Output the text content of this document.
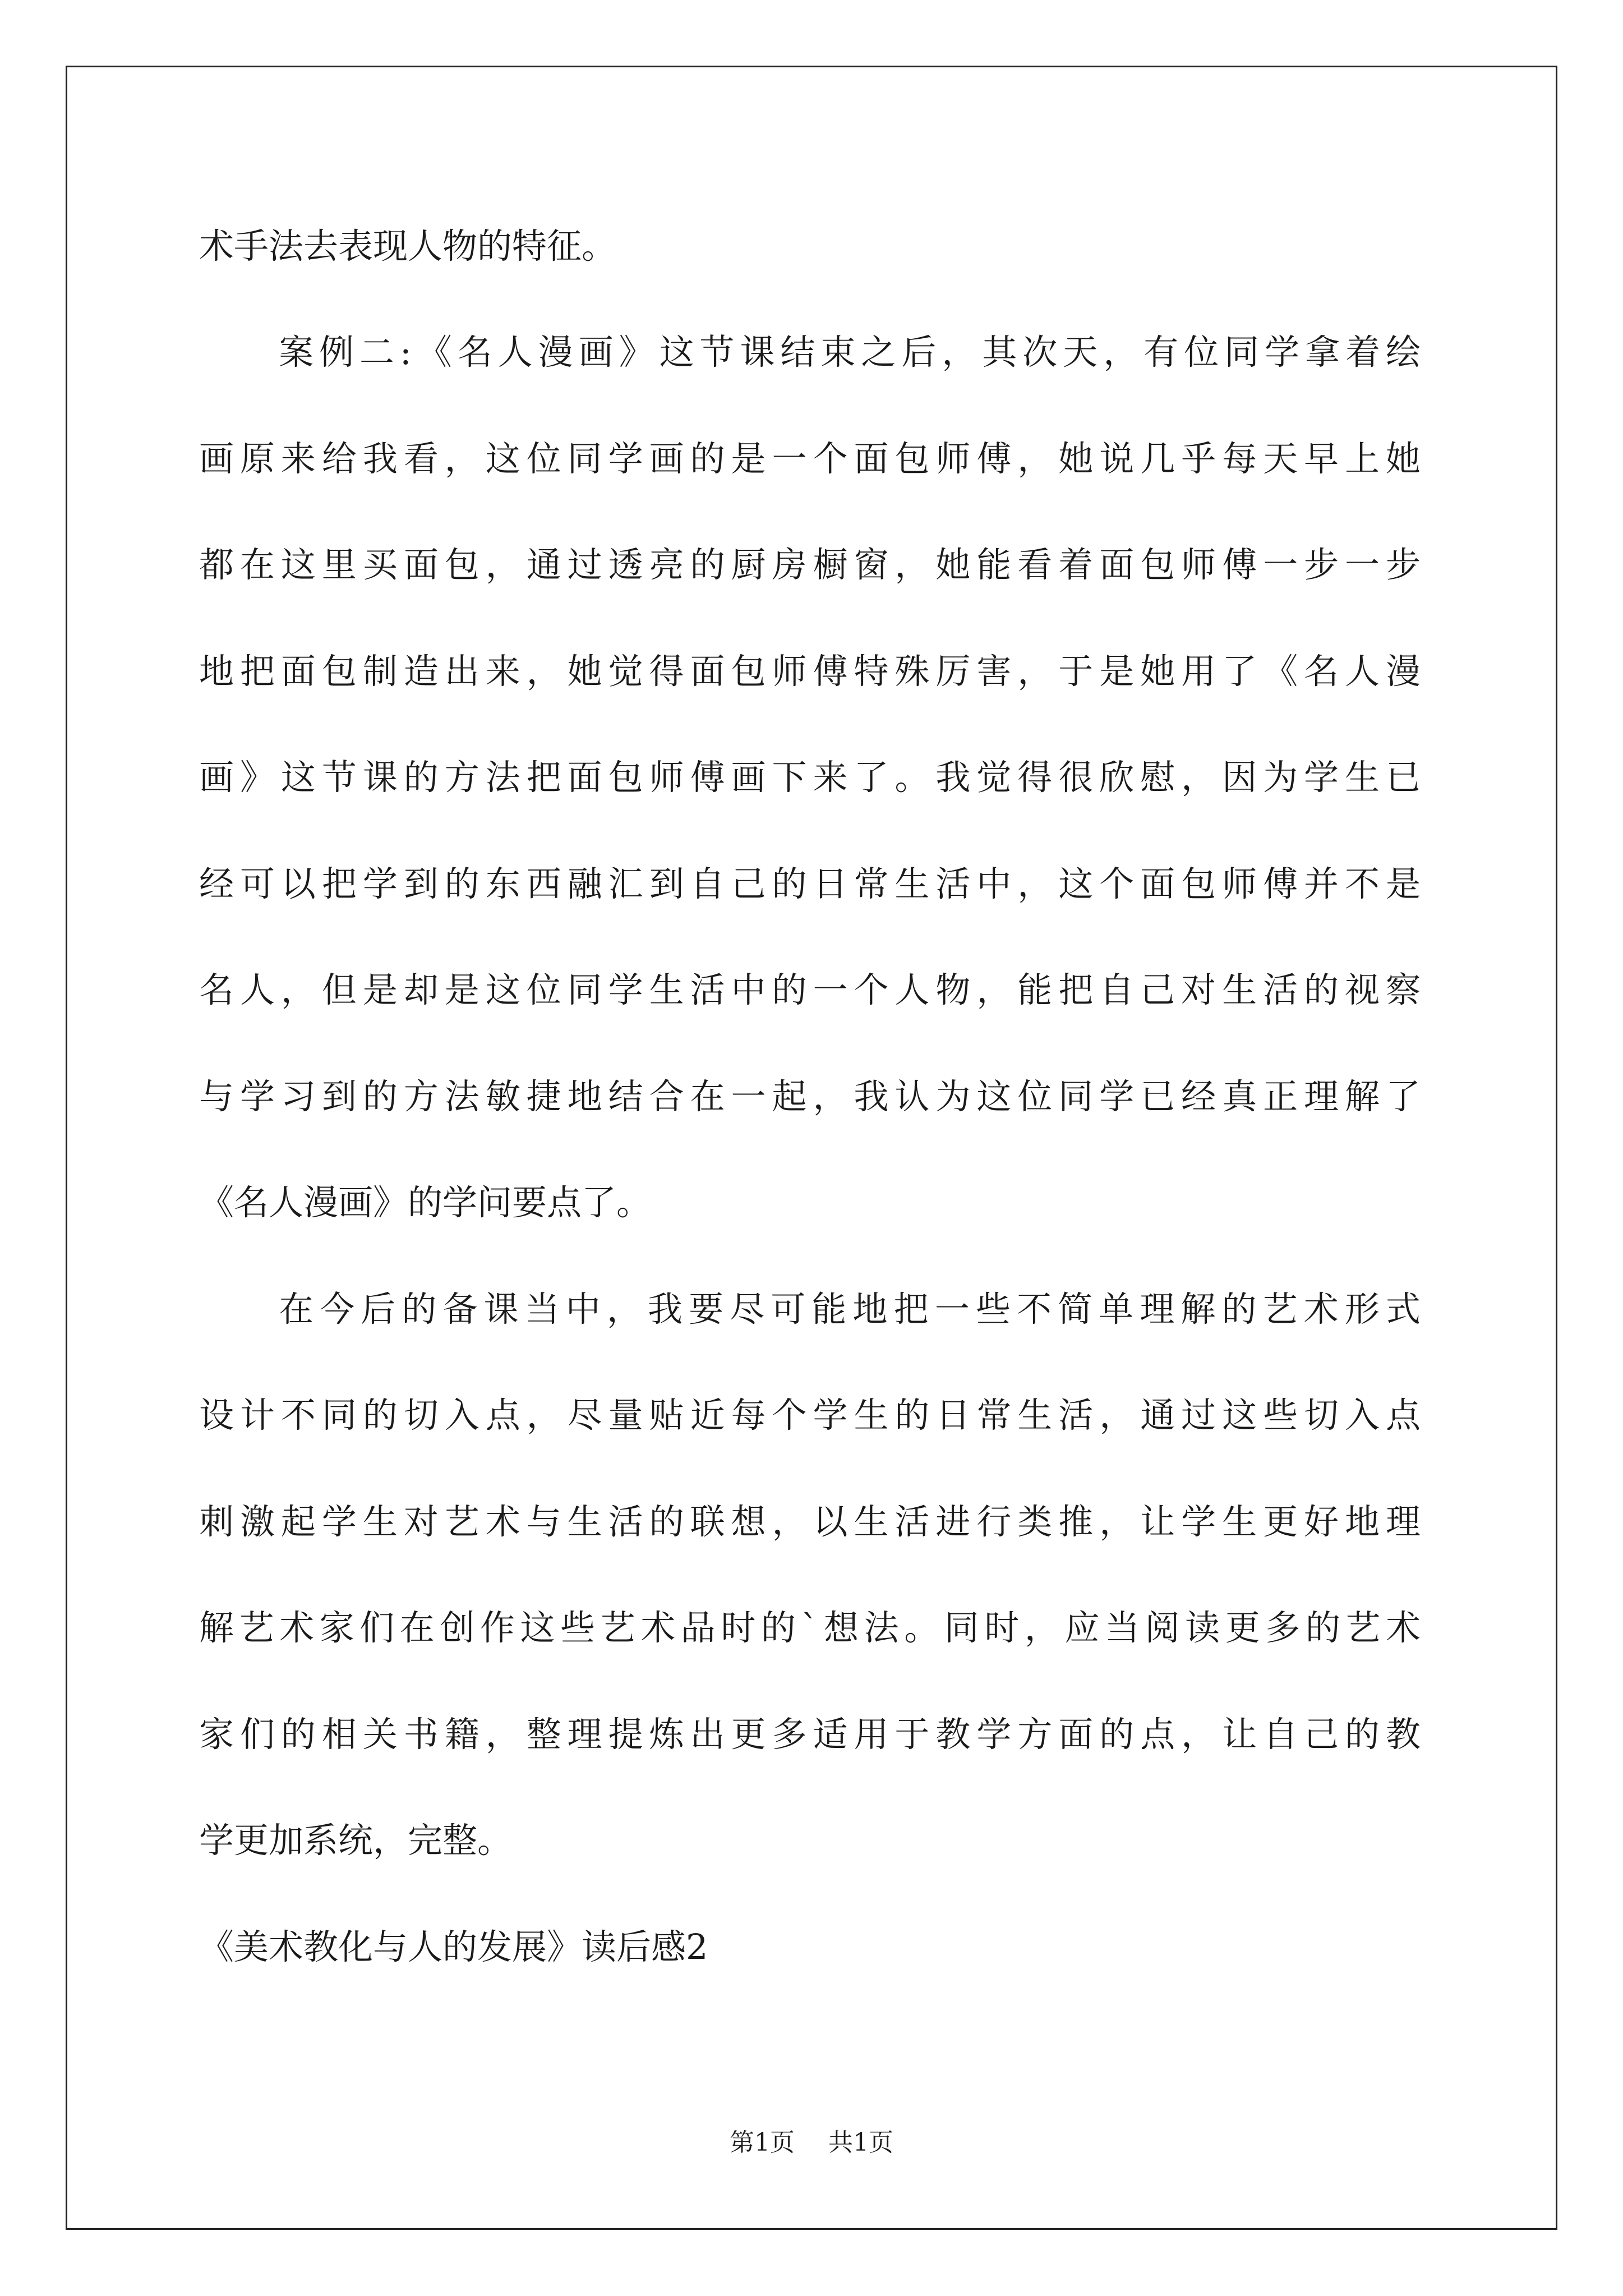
术手法去表现人物的特征。
案例二:《名人漫画》这节课结束之后，其次天，有位同学拿着绘
画原来给我看，这位同学画的是一个面包师傅，她说几乎每天早上她
都在这里买面包，通过透亮的厨房橱窗，她能看着面包师傅一步一步
地把面包制造出来，她觉得面包师傅特殊厉害，于是她用了《名人漫
画》这节课的方法把面包师傅画下来了。我觉得很欣慰，因为学生已
经可以把学到的东西融汇到自己的日常生活中，这个面包师傅并不是
名人，但是却是这位同学生活中的一个人物，能把自己对生活的视察
与学习到的方法敏捷地结合在一起，我认为这位同学已经真正理解了
《名人漫画》的学问要点了。
在今后的备课当中，我要尽可能地把一些不简单理解的艺术形式
设计不同的切入点，尽量贴近每个学生的日常生活，通过这些切入点
刺激起学生对艺术与生活的联想，以生活进行类推，让学生更好地理
解艺术家们在创作这些艺术品时的`想法。同时，应当阅读更多的艺术
家们的相关书籍，整理提炼出更多适用于教学方面的点，让自己的教
学更加系统，完整。
《美术教化与人的发展》读后感2
第1页 共1页
